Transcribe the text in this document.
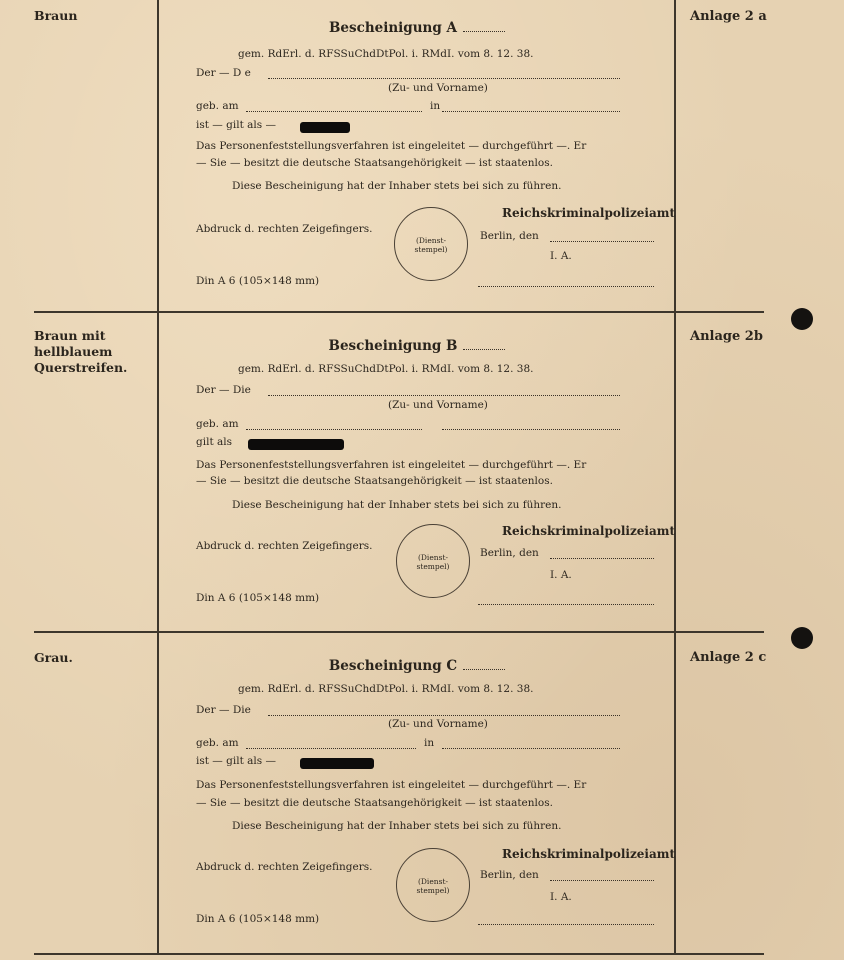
Braun	Anlage 2 a
Bescheinigung A
gem. RdErl. d. RFSSuChdDtPol. i. RMdI. vom 8. 12. 38.
Der — D e
(Zu- und Vorname)
geb. am	in
ist — gilt als —
Das Personenfeststellungsverfahren ist eingeleitet — durchgeführt —. Er
— Sie — besitzt die deutsche Staatsangehörigkeit — ist staatenlos.
Diese Bescheinigung hat der Inhaber stets bei sich zu führen.
Reichskriminalpolizeiamt
Abdruck d. rechten Zeigefingers.
(Dienst-
stempel)
Berlin, den
I. A.
Din A 6 (105×148 mm)
Braun mit
hellblauem
Querstreifen.
Anlage 2b
Bescheinigung B
gem. RdErl. d. RFSSuChdDtPol. i. RMdI. vom 8. 12. 38.
Der — Die
(Zu- und Vorname)
geb. am
gilt als
Das Personenfeststellungsverfahren ist eingeleitet — durchgeführt —. Er
— Sie — besitzt die deutsche Staatsangehörigkeit — ist staatenlos.
Diese Bescheinigung hat der Inhaber stets bei sich zu führen.
Reichskriminalpolizeiamt
Abdruck d. rechten Zeigefingers.
(Dienst-
stempel)
Berlin, den
I. A.
Din A 6 (105×148 mm)
Grau.	Anlage 2 c
Bescheinigung C
gem. RdErl. d. RFSSuChdDtPol. i. RMdI. vom 8. 12. 38.
Der — Die
(Zu- und Vorname)
geb. am	in
ist — gilt als —
Das Personenfeststellungsverfahren ist eingeleitet — durchgeführt —. Er
— Sie — besitzt die deutsche Staatsangehörigkeit — ist staatenlos.
Diese Bescheinigung hat der Inhaber stets bei sich zu führen.
Reichskriminalpolizeiamt
Abdruck d. rechten Zeigefingers.
(Dienst-
stempel)
Berlin, den
I. A.
Din A 6 (105×148 mm)
